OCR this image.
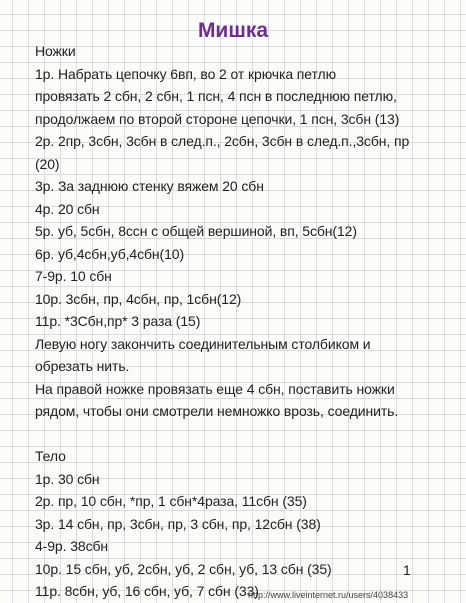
Мишка
Ножки
1р. Набрать цепочку 6вп, во 2 от крючка петлю
провязать 2 сбн, 2 сбн, 1 псн, 4 псн в последнюю петлю,
продолжаем по второй стороне цепочки, 1 псн, 3сбн (13)
2р. 2пр, 3сбн, 3сбн в след.п., 2сбн, 3сбн в след.п.,3сбн, пр
(20)
3р. За заднюю стенку вяжем 20 сбн
4р. 20 сбн
5р. уб, 5сбн, 8ссн с общей вершиной, вп, 5сбн(12)
6р. уб,4сбн,уб,4сбн(10)
7-9р. 10 сбн
10р. 3сбн, пр, 4сбн, пр, 1сбн(12)
11р. *3Сбн,пр* 3 раза (15)
Левую ногу закончить соединительным столбиком и
обрезать нить.
На правой ножке провязать еще 4 сбн, поставить ножки
рядом, чтобы они смотрели немножко врозь, соединить.
Тело
1р. 30 сбн
2р. пр, 10 сбн, *пр, 1 сбн*4раза, 11сбн (35)
3р. 14 сбн, пр, 3сбн, пр, 3 сбн, пр, 12сбн (38)
4-9р. 38сбн
10р. 15 сбн, уб, 2сбн, уб, 2 сбн, уб, 13 сбн (35)
11р. 8сбн, уб, 16 сбн, уб, 7 сбн (33)
1
http://www.liveinternet.ru/users/4038433
